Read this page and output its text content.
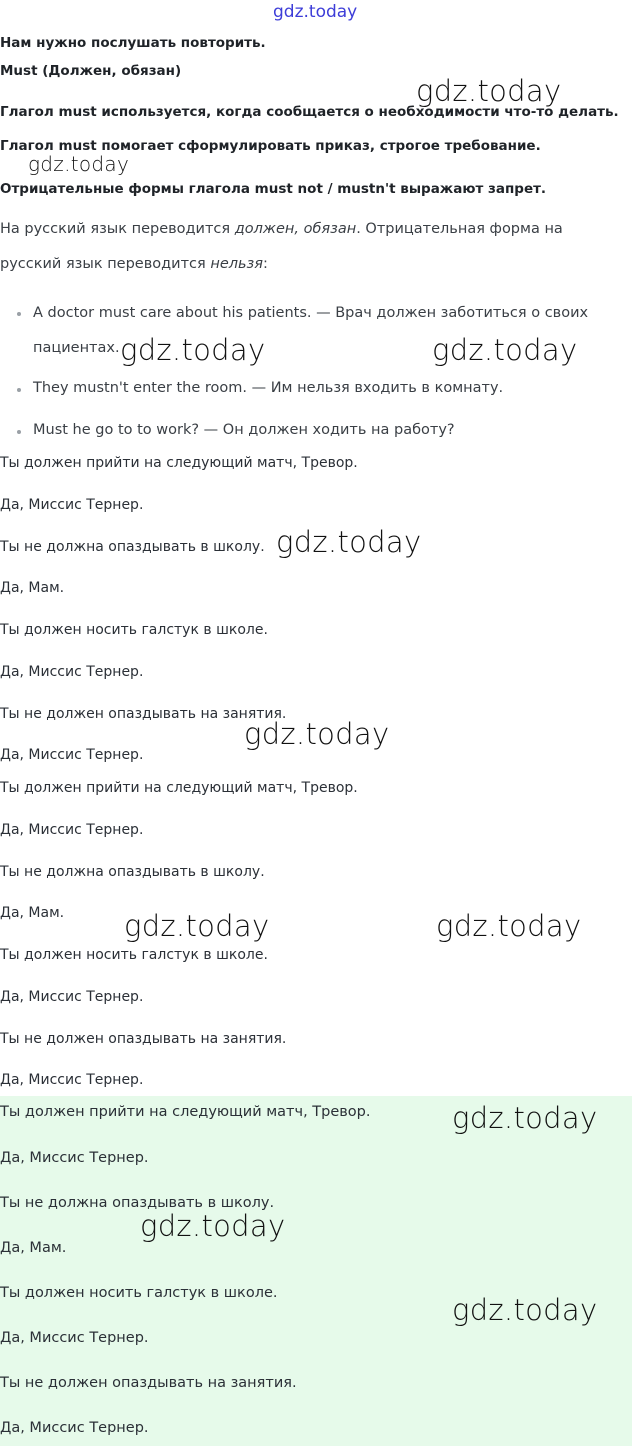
gdz.today
Нам нужно послушать повторить.
Must (Должен, обязан)
Глагол must используется, когда сообщается о необходимости что-то делать.
Глагол must помогает сформулировать приказ, строгое требование.
Отрицательные формы глагола must not / mustn't выражают запрет.
На русский язык переводится должен, обязан. Отрицательная форма на
русский язык переводится нельзя:
A doctor must care about his patients. — Врач должен заботиться о своих
пациентах.
They mustn't enter the room. — Им нельзя входить в комнату.
Must he go to to work? — Он должен ходить на работу?
Ты должен прийти на следующий матч, Тревор.
Да, Миссис Тернер.
Ты не должна опаздывать в школу.
Да, Мам.
Ты должен носить галстук в школе.
Да, Миссис Тернер.
Ты не должен опаздывать на занятия.
Да, Миссис Тернер.
Ты должен прийти на следующий матч, Тревор.
Да, Миссис Тернер.
Ты не должна опаздывать в школу.
Да, Мам.
Ты должен носить галстук в школе.
Да, Миссис Тернер.
Ты не должен опаздывать на занятия.
Да, Миссис Тернер.
Ты должен прийти на следующий матч, Тревор.
Да, Миссис Тернер.
Ты не должна опаздывать в школу.
Да, Мам.
Ты должен носить галстук в школе.
Да, Миссис Тернер.
Ты не должен опаздывать на занятия.
Да, Миссис Тернер.
gdz.today
gdz.today
gdz.today	gdz.today
gdz.today
gdz.today
gdz.today	gdz.today
gdz.today
gdz.today
gdz.today
